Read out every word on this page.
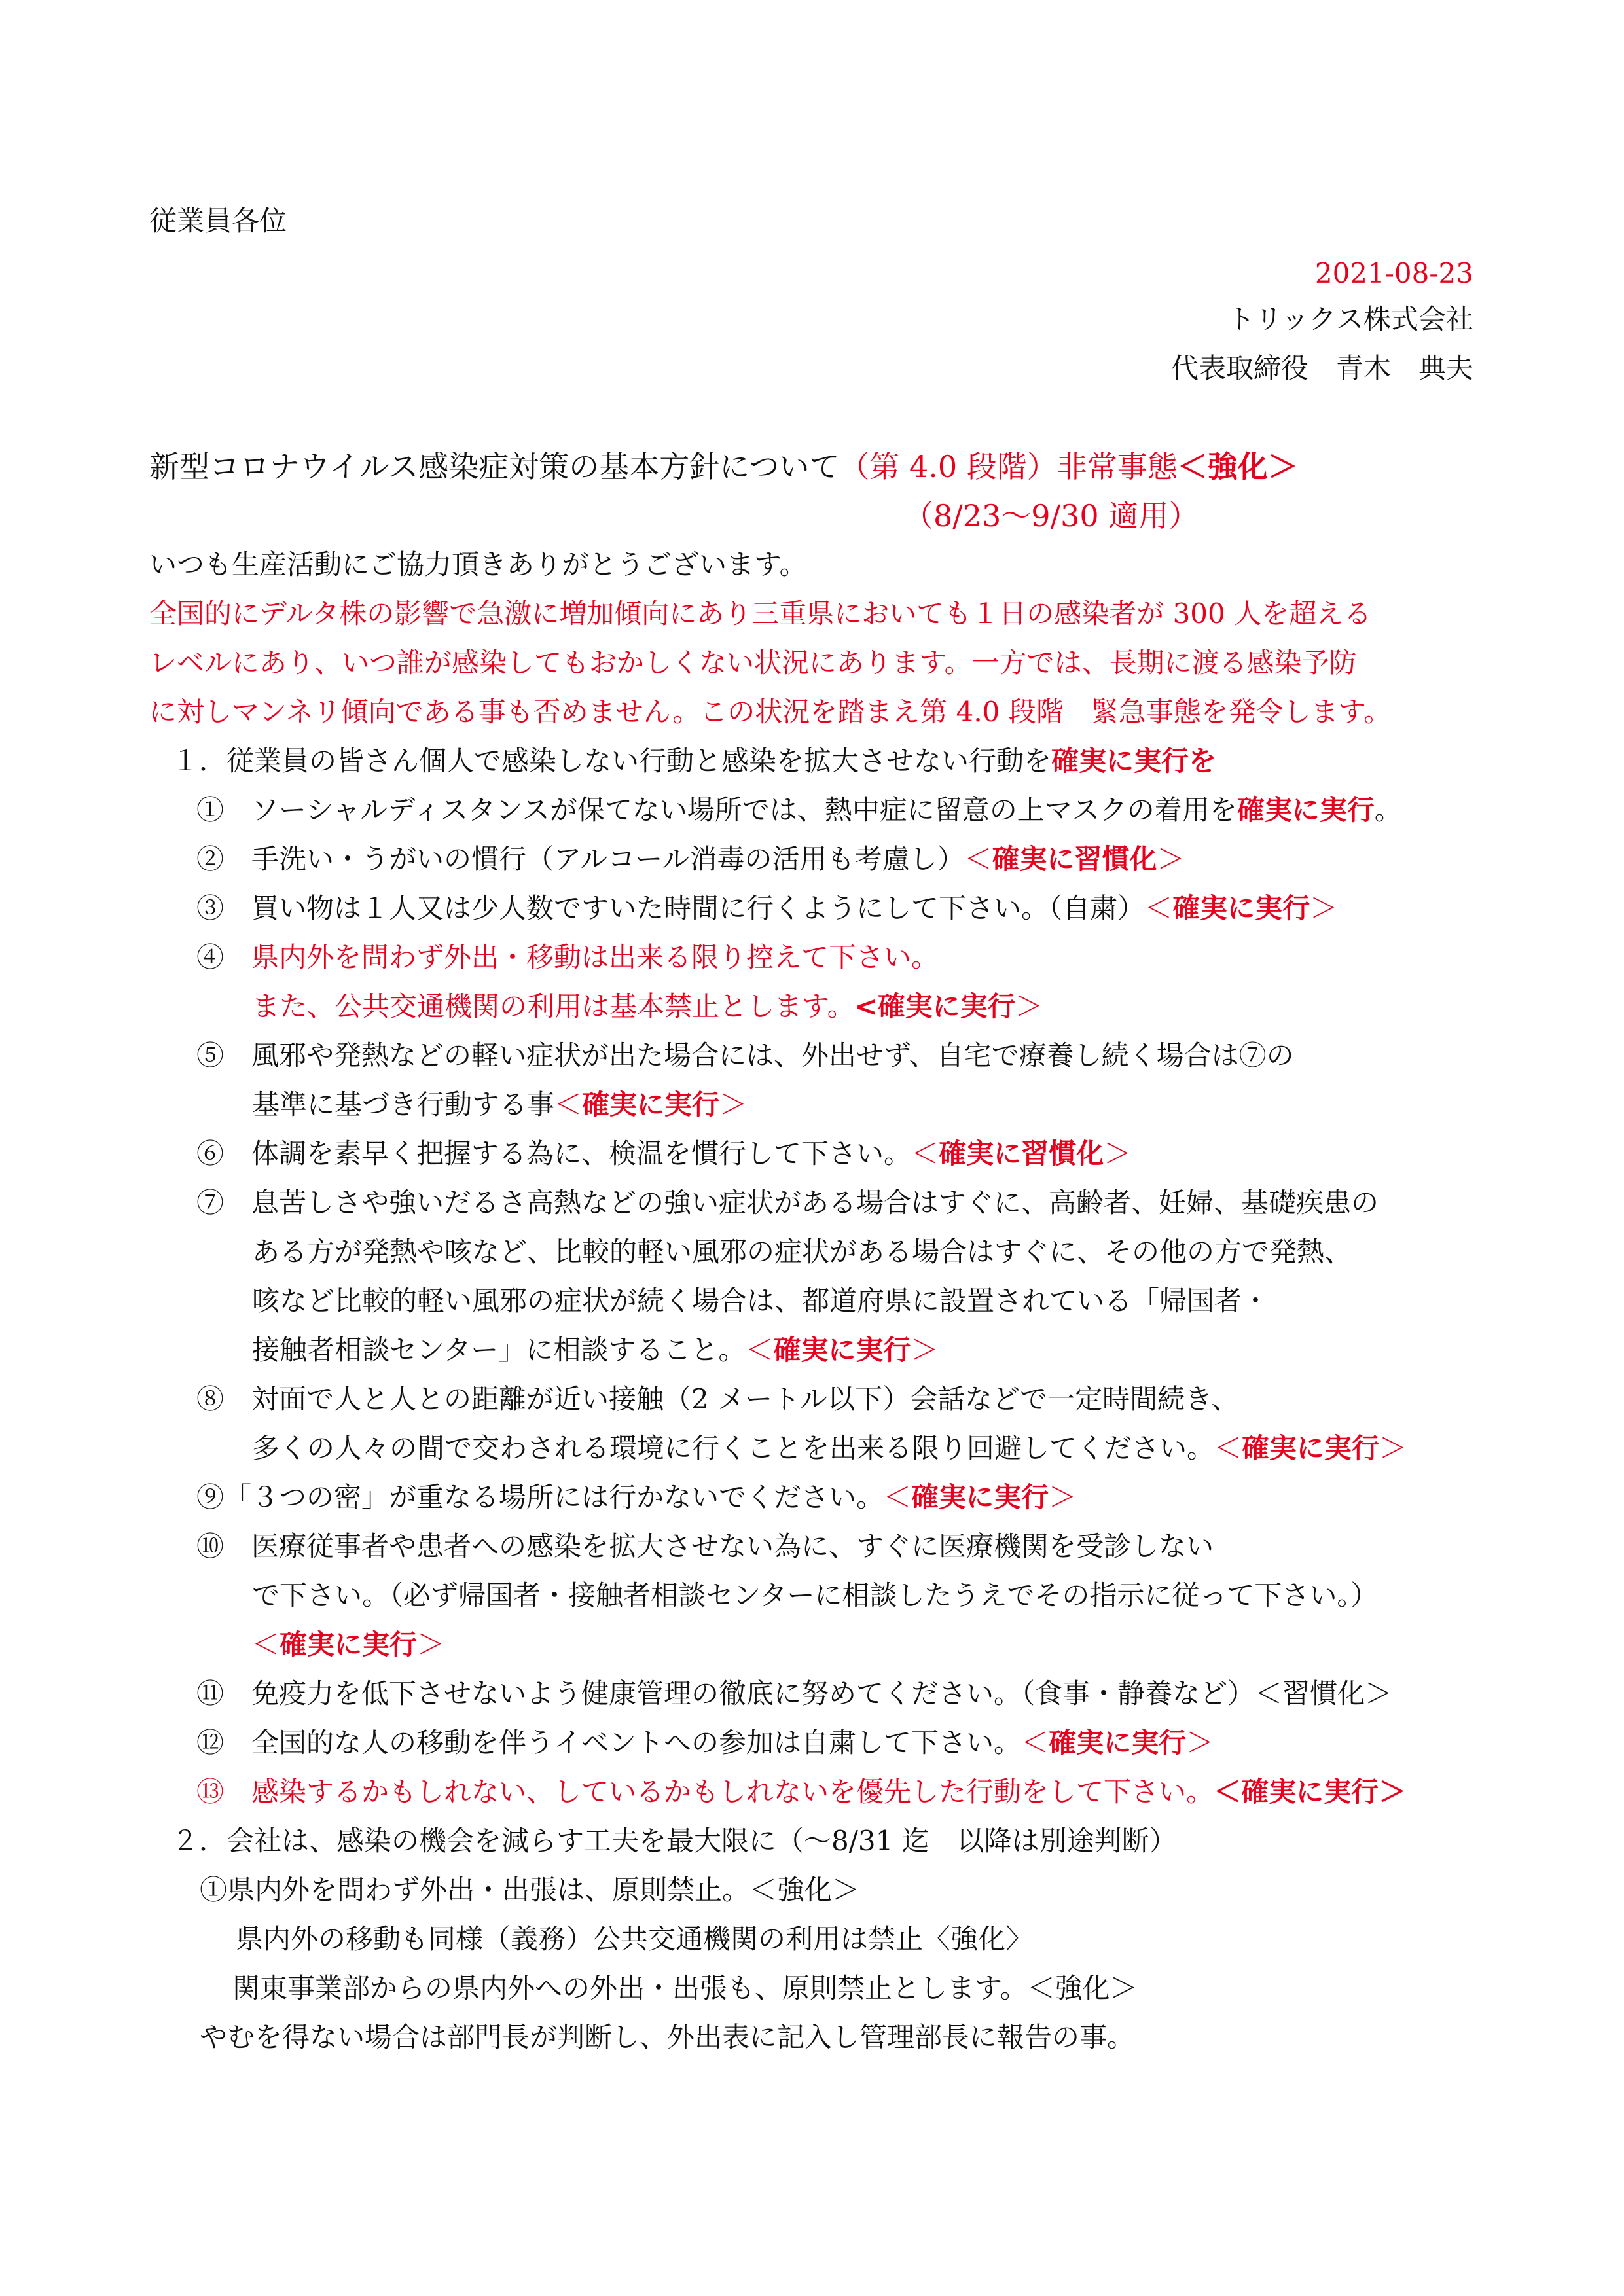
従業員各位
2021-08-23
トリックス株式会社
代表取締役　青木　典夫
新型コロナウイルス感染症対策の基本方針について（第 4.0 段階）非常事態＜強化＞
（8/23〜9/30 適用）
いつも生産活動にご協力頂きありがとうございます。
全国的にデルタ株の影響で急激に増加傾向にあり三重県においても１日の感染者が 300 人を超える
レベルにあり、いつ誰が感染してもおかしくない状況にあります。一方では、長期に渡る感染予防
に対しマンネリ傾向である事も否めません。この状況を踏まえ第 4.0 段階　緊急事態を発令します。
１．従業員の皆さん個人で感染しない行動と感染を拡大させない行動を確実に実行を
①　 ソーシャルディスタンスが保てない場所では、熱中症に留意の上マスクの着用を確実に実行。
②　 手洗い・うがいの慣行（アルコール消毒の活用も考慮し）＜確実に習慣化＞
③　 買い物は１人又は少人数ですいた時間に行くようにして下さい。（自粛）＜確実に実行＞
④　 県内外を問わず外出・移動は出来る限り控えて下さい。
また、公共交通機関の利用は基本禁止とします。<確実に実行＞
⑤　 風邪や発熱などの軽い症状が出た場合には、外出せず、自宅で療養し続く場合は⑦の
基準に基づき行動する事＜確実に実行＞
⑥　 体調を素早く把握する為に、検温を慣行して下さい。＜確実に習慣化＞
⑦　 息苦しさや強いだるさ高熱などの強い症状がある場合はすぐに、高齢者、妊婦、基礎疾患の
ある方が発熱や咳など、比較的軽い風邪の症状がある場合はすぐに、その他の方で発熱、
咳など比較的軽い風邪の症状が続く場合は、都道府県に設置されている「帰国者・
接触者相談センター」に相談すること。＜確実に実行＞
⑧　 対面で人と人との距離が近い接触（2 メートル以下）会話などで一定時間続き、
多くの人々の間で交わされる環境に行くことを出来る限り回避してください。＜確実に実行＞
⑨「３つの密」が重なる場所には行かないでください。＜確実に実行＞
⑩　 医療従事者や患者への感染を拡大させない為に、すぐに医療機関を受診しない
で下さい。（必ず帰国者・接触者相談センターに相談したうえでその指示に従って下さい。）
＜確実に実行＞
⑪　 免疫力を低下させないよう健康管理の徹底に努めてください。（食事・静養など）＜習慣化＞
⑫　 全国的な人の移動を伴うイベントへの参加は自粛して下さい。＜確実に実行＞
⑬　 感染するかもしれない、しているかもしれないを優先した行動をして下さい。＜確実に実行＞
２．会社は、感染の機会を減らす工夫を最大限に（〜8/31 迄　以降は別途判断）
①県内外を問わず外出・出張は、原則禁止。＜強化＞
県内外の移動も同様（義務）公共交通機関の利用は禁止〈強化〉
関東事業部からの県内外への外出・出張も、原則禁止とします。＜強化＞
やむを得ない場合は部門長が判断し、外出表に記入し管理部長に報告の事。
